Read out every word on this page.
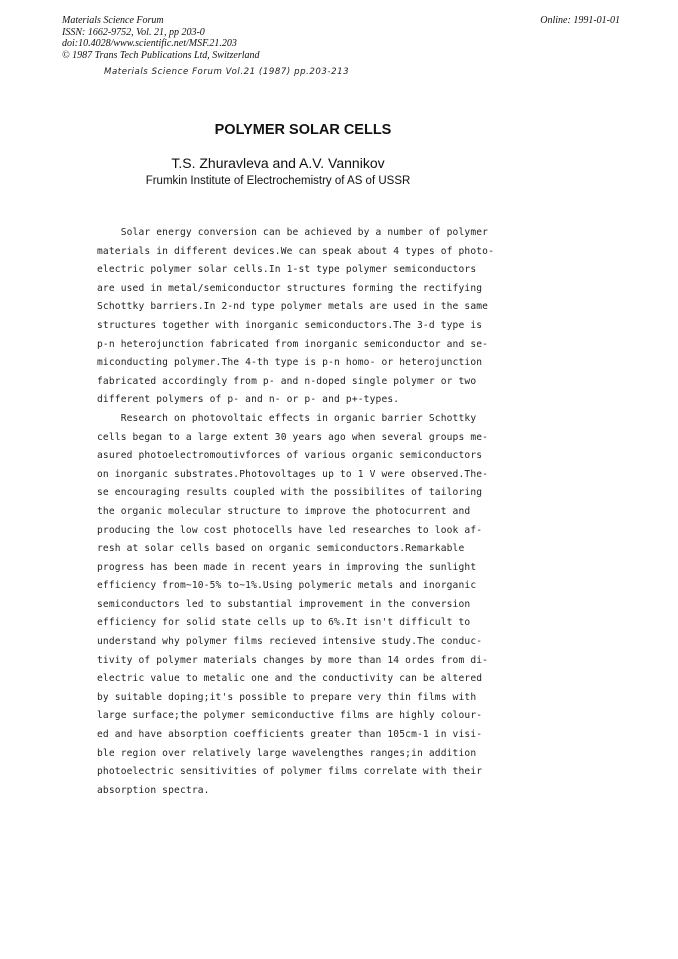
Materials Science Forum
ISSN: 1662-9752, Vol. 21, pp 203-0
doi:10.4028/www.scientific.net/MSF.21.203
© 1987 Trans Tech Publications Ltd, Switzerland
Online: 1991-01-01
Materials Science Forum Vol.21 (1987) pp.203-213
POLYMER SOLAR CELLS
T.S. Zhuravleva and A.V. Vannikov
Frumkin Institute of Electrochemistry of AS of USSR
Solar energy conversion can be achieved by a number of polymer
materials in different devices.We can speak about 4 types of photo-
electric polymer solar cells.In 1-st type polymer semiconductors
are used in metal/semiconductor structures forming the rectifying
Schottky barriers.In 2-nd type polymer metals are used in the same
structures together with inorganic semiconductors.The 3-d type is
p-n heterojunction fabricated from inorganic semiconductor and se-
miconducting polymer.The 4-th type is p-n homo- or heterojunction
fabricated accordingly from p- and n-doped single polymer or two
different polymers of p- and n- or p- and p+-types.
Research on photovoltaic effects in organic barrier Schottky
cells began to a large extent 30 years ago when several groups me-
asured photoelectromoutivforces of various organic semiconductors
on inorganic substrates.Photovoltages up to 1 V were observed.The-
se encouraging results coupled with the possibilites of tailoring
the organic molecular structure to improve the photocurrent and
producing the low cost photocells have led researches to look af-
resh at solar cells based on organic semiconductors.Remarkable
progress has been made in recent years in improving the sunlight
efficiency from~10-5% to~1%.Using polymeric metals and inorganic
semiconductors led to substantial improvement in the conversion
efficiency for solid state cells up to 6%.It isn't difficult to
understand why polymer films recieved intensive study.The conduc-
tivity of polymer materials changes by more than 14 ordes from di-
electric value to metalic one and the conductivity can be altered
by suitable doping;it's possible to prepare very thin films with
large surface;the polymer semiconductive films are highly colour-
ed and have absorption coefficients greater than 105cm-1 in visi-
ble region over relatively large wavelengthes ranges;in addition
photoelectric sensitivities of polymer films correlate with their
absorption spectra.
